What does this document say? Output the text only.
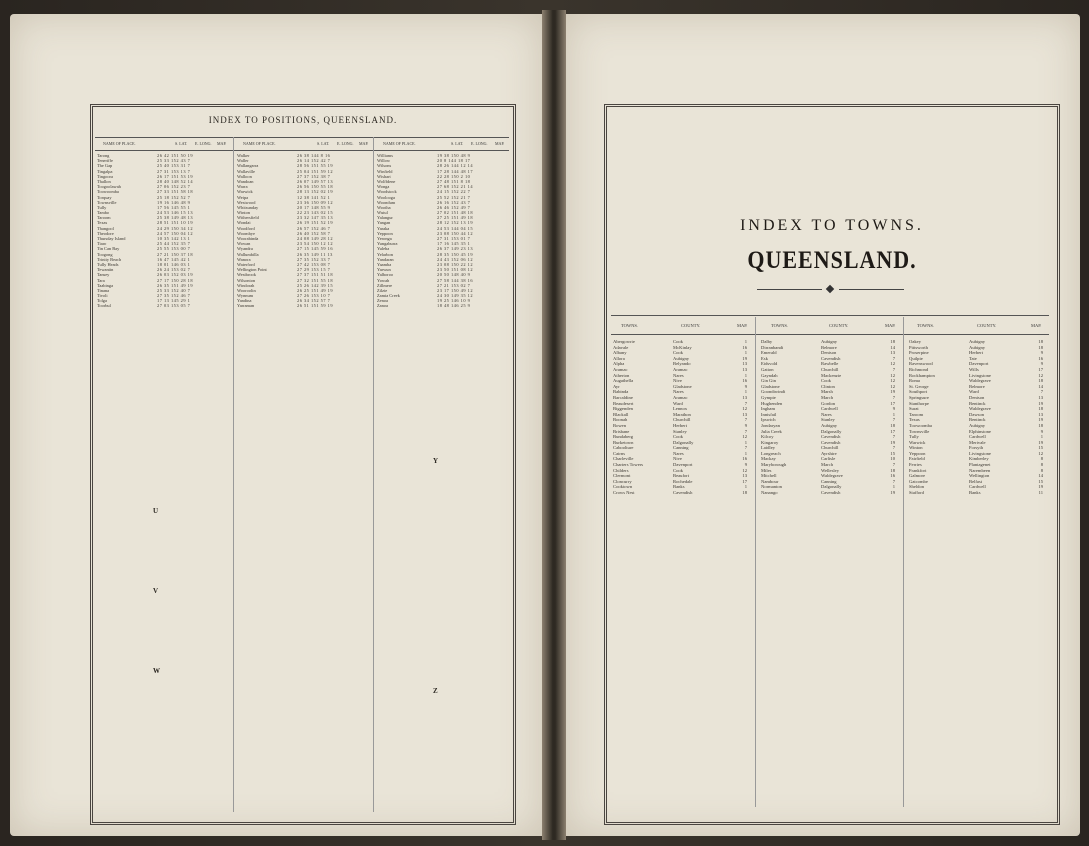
INDEX TO POSITIONS, QUEENSLAND.
NAME OF PLACE.	S. LAT. E. LONG. MAP.	NAME OF PLACE.	S. LAT. E. LONG. MAP.	NAME OF PLACE.	S. LAT. E. LONG. MAP.
Tarong	26 42 151 50 19
Teneriffe	25 33 152 43 7
The Gap	25 40 153 31 7
Tingalpa	27 31 153 13 7
Tingoora	26 17 151 53 19
Thallon	28 40 148 52 14
Toogoolawah	27 06 152 23 7
Toowoomba	27 33 151 58 18
Torquay	25 18 152 52 7
Townsville	19 16 146 48 9
Tully	17 56 145 55 1
Tambo	24 53 146 15 13
Taroom	25 38 149 48 13
Texas	28 51 151 10 19
Thangool	24 29 150 34 12
Theodore	24 57 150 04 12
Thursday Island	10 35 142 13 1
Tiaro	25 44 152 35 7
Tin Can Bay	25 55 153 00 7
Toogong	27 21 150 37 18
Trinity Beach	16 47 145 42 1
Tully Heads	18 01 146 03 1
Tewantin	26 24 153 02 7
Tansey	26 03 152 03 19
Tara	27 17 150 28 18
Taabinga	26 35 151 49 19
Tinana	25 33 152 40 7
Tivoli	27 35 152 46 7
Tolga	17 13 145 29 1
Toorbul	27 03 153 05 7
Walker	26 38 144 8 16
Waller	26 14 152 42 7
Wallangarra	28 56 151 55 19
Wallaville	25 04 151 59 12
Walloon	27 37 152 38 7
Wandoan	26 07 149 57 13
Warra	26 56 150 55 18
Warwick	28 13 152 02 19
Weipa	12 38 141 52 1
Westwood	23 36 150 09 12
Whitsunday	20 17 148 55 9
Winton	22 23 143 02 15
Withersfield	23 32 147 35 13
Wondai	26 19 151 52 19
Woodford	26 57 152 46 7
Woombye	26 40 152 58 7
Woorabinda	24 08 149 28 12
Wowan	23 54 150 12 12
Wyandra	27 15 145 59 16
Wallumbilla	26 35 149 11 13
Wanora	27 35 152 33 7
Waterford	27 42 153 08 7
Wellington Point	27 29 153 15 7
Westbrook	27 37 151 51 18
Wilsonton	27 32 151 55 18
Windorah	25 26 142 39 15
Wooroolin	26 25 151 49 19
Wynnum	27 26 153 10 7
Yandina	26 34 152 57 7
Yarraman	26 51 151 59 19
Williams	19 38 150 48 9
Willow	20 8 144 18 17
Wilsons	28 26 144 12 14
Winfield	17 28 144 48 17
Wishart	22 28 150 2 10
Wolffdene	27 48 151 8 18
Wonga	27 68 152 21 14
Woodstock	24 15 152 22 7
Woolooga	25 52 152 21 7
Woondum	26 16 152 43 7
Wootha	26 46 152 49 7
Wutul	27 02 151 48 18
Yalangur	27 25 151 49 18
Yangan	28 12 152 13 19
Yaraka	24 53 144 04 15
Yeppoon	23 08 150 44 12
Yeronga	27 31 153 01 7
Yungaburra	17 16 145 35 1
Yuleba	26 37 149 23 13
Yelarbon	28 35 150 45 19
Yandaran	24 43 152 06 12
Yaamba	23 08 150 22 12
Yarwun	23 50 151 08 12
Yalboroo	20 50 148 40 9
Yowah	27 58 144 38 16
Zillmere	27 21 153 02 7
Zilzie	23 17 150 49 12
Zamia Creek	24 30 149 35 12
Zenoa	19 25 146 10 9
Zanoa	18 48 146 25 9
U
V
W
Y
Z
INDEX TO TOWNS.
QUEENSLAND.
TOWNS.	COUNTY.	MAP.	TOWNS.	COUNTY.	MAP.	TOWNS.	COUNTY.	MAP.
Abergowrie	Cook	1
Adavale	McKinlay	16
Albany	Cook	1
Allora	Aubigny	19
Alpha	Belyando	13
Aramac	Aramac	13
Atherton	Nares	1
Augathella	Nive	16
Ayr	Gladstone	9
Babinda	Nares	1
Barcaldine	Aramac	13
Beaudesert	Ward	7
Biggenden	Lennox	12
Blackall	Marathon	13
Boonah	Churchill	7
Bowen	Herbert	9
Brisbane	Stanley	7
Bundaberg	Cook	12
Burketown	Dalgonally	1
Caboolture	Canning	7
Cairns	Nares	1
Charleville	Nive	16
Charters Towers	Davenport	9
Childers	Cook	12
Clermont	Beaufort	13
Cloncurry	Rochedale	17
Cooktown	Banks	1
Crows Nest	Cavendish	18
Dalby	Aubigny	18
Dirranbandi	Belmore	14
Emerald	Denison	13
Esk	Cavendish	7
Eidsvold	Rawbelle	12
Gatton	Churchill	7
Gayndah	Mackenzie	12
Gin Gin	Cook	12
Gladstone	Clinton	12
Goondiwindi	Marsh	19
Gympie	March	7
Hughenden	Gordon	17
Ingham	Cardwell	9
Innisfail	Nares	1
Ipswich	Stanley	7
Jondaryan	Aubigny	18
Julia Creek	Dalgonally	17
Kilcoy	Cavendish	7
Kingaroy	Cavendish	19
Laidley	Churchill	7
Longreach	Ayrshire	15
Mackay	Carlisle	10
Maryborough	March	7
Miles	Wellesley	18
Mitchell	Waldegrave	16
Nambour	Canning	7
Normanton	Dalgonally	1
Nanango	Cavendish	19
Oakey	Aubigny	18
Pittsworth	Aubigny	18
Proserpine	Herbert	9
Quilpie	Tate	16
Ravenswood	Davenport	9
Richmond	Wills	17
Rockhampton	Livingstone	12
Roma	Waldegrave	18
St. George	Belmore	14
Southport	Ward	7
Springsure	Denison	13
Stanthorpe	Bentinck	19
Surat	Waldegrave	18
Taroom	Dawson	13
Texas	Bentinck	19
Toowoomba	Aubigny	18
Townsville	Elphinstone	9
Tully	Cardwell	1
Warwick	Merivale	19
Winton	Forsyth	15
Yeppoon	Livingstone	12
Fairfield	Kimberley	8
Ferries	Plantagenet	8
Frankfort	Narembeen	8
Galmore	Wellington	14
Gatcombe	Belfast	15
Sheldon	Cardwell	19
Stafford	Banks	11
